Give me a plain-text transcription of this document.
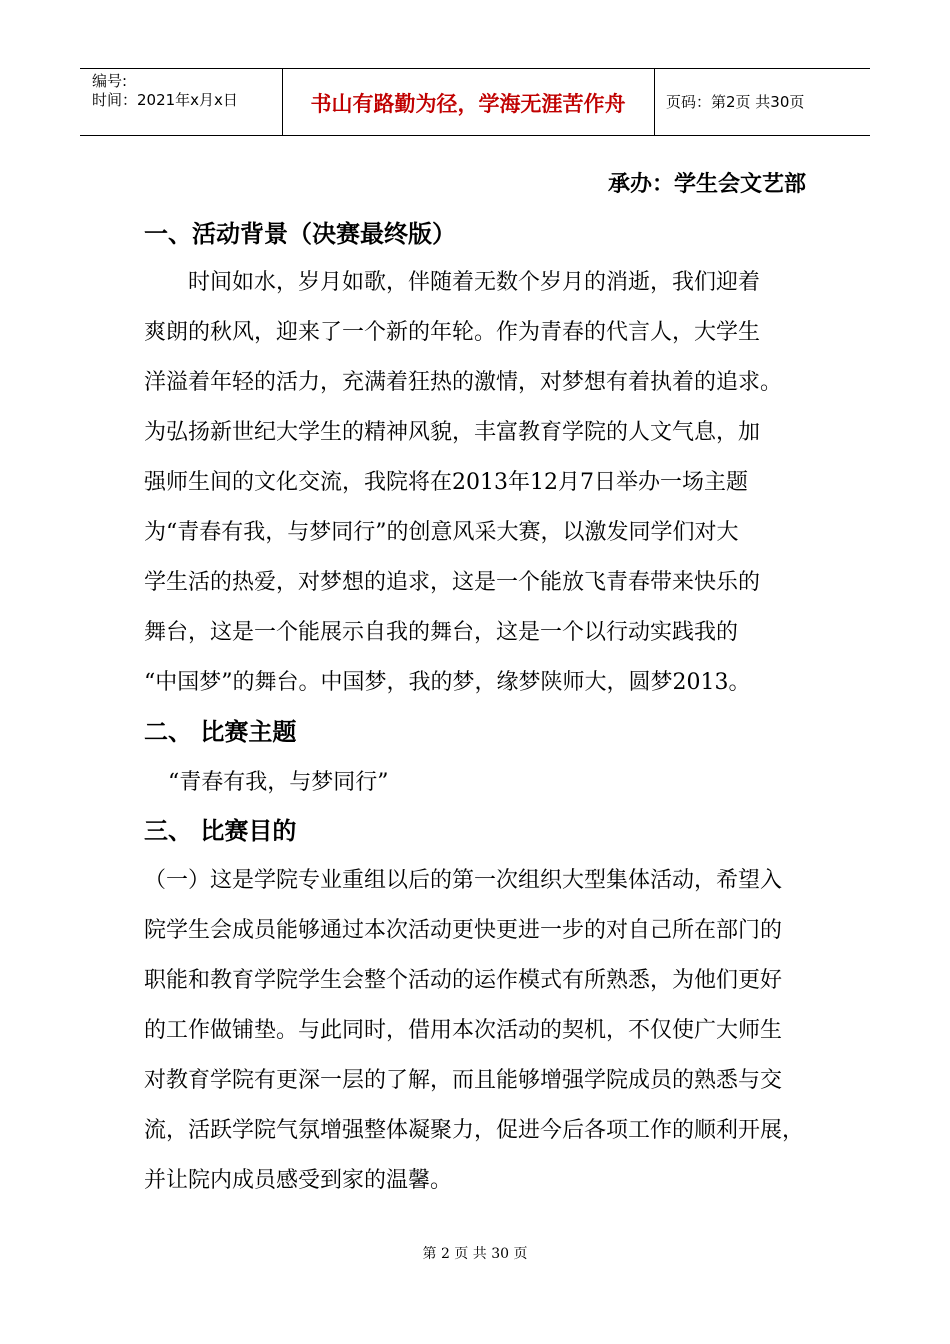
编号:
时间：2021年x月x日	书山有路勤为径，学海无涯苦作舟	页码：第2页 共30页
承办：学生会文艺部
一、活动背景（决赛最终版）
时间如水，岁月如歌，伴随着无数个岁月的消逝，我们迎着
爽朗的秋风，迎来了一个新的年轮。作为青春的代言人，大学生
洋溢着年轻的活力，充满着狂热的激情，对梦想有着执着的追求。
为弘扬新世纪大学生的精神风貌，丰富教育学院的人文气息，加
强师生间的文化交流，我院将在2013年12月7日举办一场主题
为“青春有我，与梦同行”的创意风采大赛，以激发同学们对大
学生活的热爱，对梦想的追求，这是一个能放飞青春带来快乐的
舞台，这是一个能展示自我的舞台，这是一个以行动实践我的
“中国梦”的舞台。中国梦，我的梦，缘梦陕师大，圆梦2013。
二、 比赛主题
“青春有我，与梦同行”
三、 比赛目的
（一）这是学院专业重组以后的第一次组织大型集体活动，希望入
院学生会成员能够通过本次活动更快更进一步的对自己所在部门的
职能和教育学院学生会整个活动的运作模式有所熟悉，为他们更好
的工作做铺垫。与此同时，借用本次活动的契机，不仅使广大师生
对教育学院有更深一层的了解，而且能够增强学院成员的熟悉与交
流，活跃学院气氛增强整体凝聚力，促进今后各项工作的顺利开展，
并让院内成员感受到家的温馨。
第 2 页 共 30 页
